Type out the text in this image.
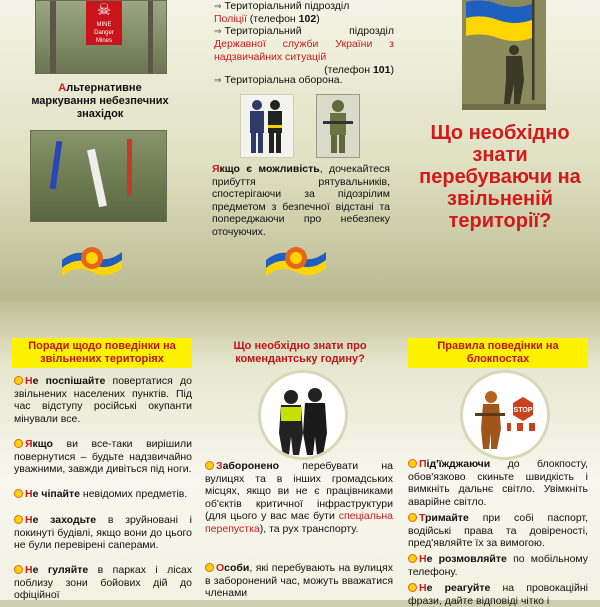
☠
MINE
Danger Mines
Альтернативне
маркування небезпечних
знахідок
⇒ Територіальний підрозділ
Поліції (телефон 102)
⇒ Територіальний підрозділ Державної служби України з надзвичайних ситуацій

(телефон 101)
⇒ Територіальна оборона.
Якщо є можливість, дочекайтеся прибуття рятувальників, спостерігаючи за підозрілим предметом з безпечної відстані та попереджаючи про небезпеку оточуючих.
Що необхідно знати перебуваючи на звільненій території?
Поради щодо поведінки на звільнених територіях
Що необхідно знати про комендантську годину?
Правила поведінки на блокпостах
Не поспішайте повертатися до звільнених населених пунктів. Під час відступу російські окупанти мінували все.
Якщо ви все-таки вирішили повернутися – будьте надзвичайно уважними, завжди дивіться під ноги.
Не чіпайте невідомих предметів.
Не заходьте в зруйновані і покинуті будівлі, якщо вони до цього не були перевірені саперами.
Не гуляйте в парках і лісах поблизу зони бойових дій до офіційної
Заборонено перебувати на вулицях та в інших громадських місцях, якщо ви не є працівниками об'єктів критичної інфраструктури (для цього у вас має бути спеціальна перепустка), та рух транспорту.
Особи, які перебувають на вулицях в заборонений час, можуть вважатися членами
STOP
Під'їжджаючи до блокпосту, обов'язково скиньте швидкість і вимкніть дальнє світло. Увімкніть аварійне світло.
Тримайте при собі паспорт, водійські права та довіреності, пред'являйте їх за вимогою.
Не розмовляйте по мобільному телефону.
Не реагуйте на провокаційні фрази, дайте відповіді чітко і
